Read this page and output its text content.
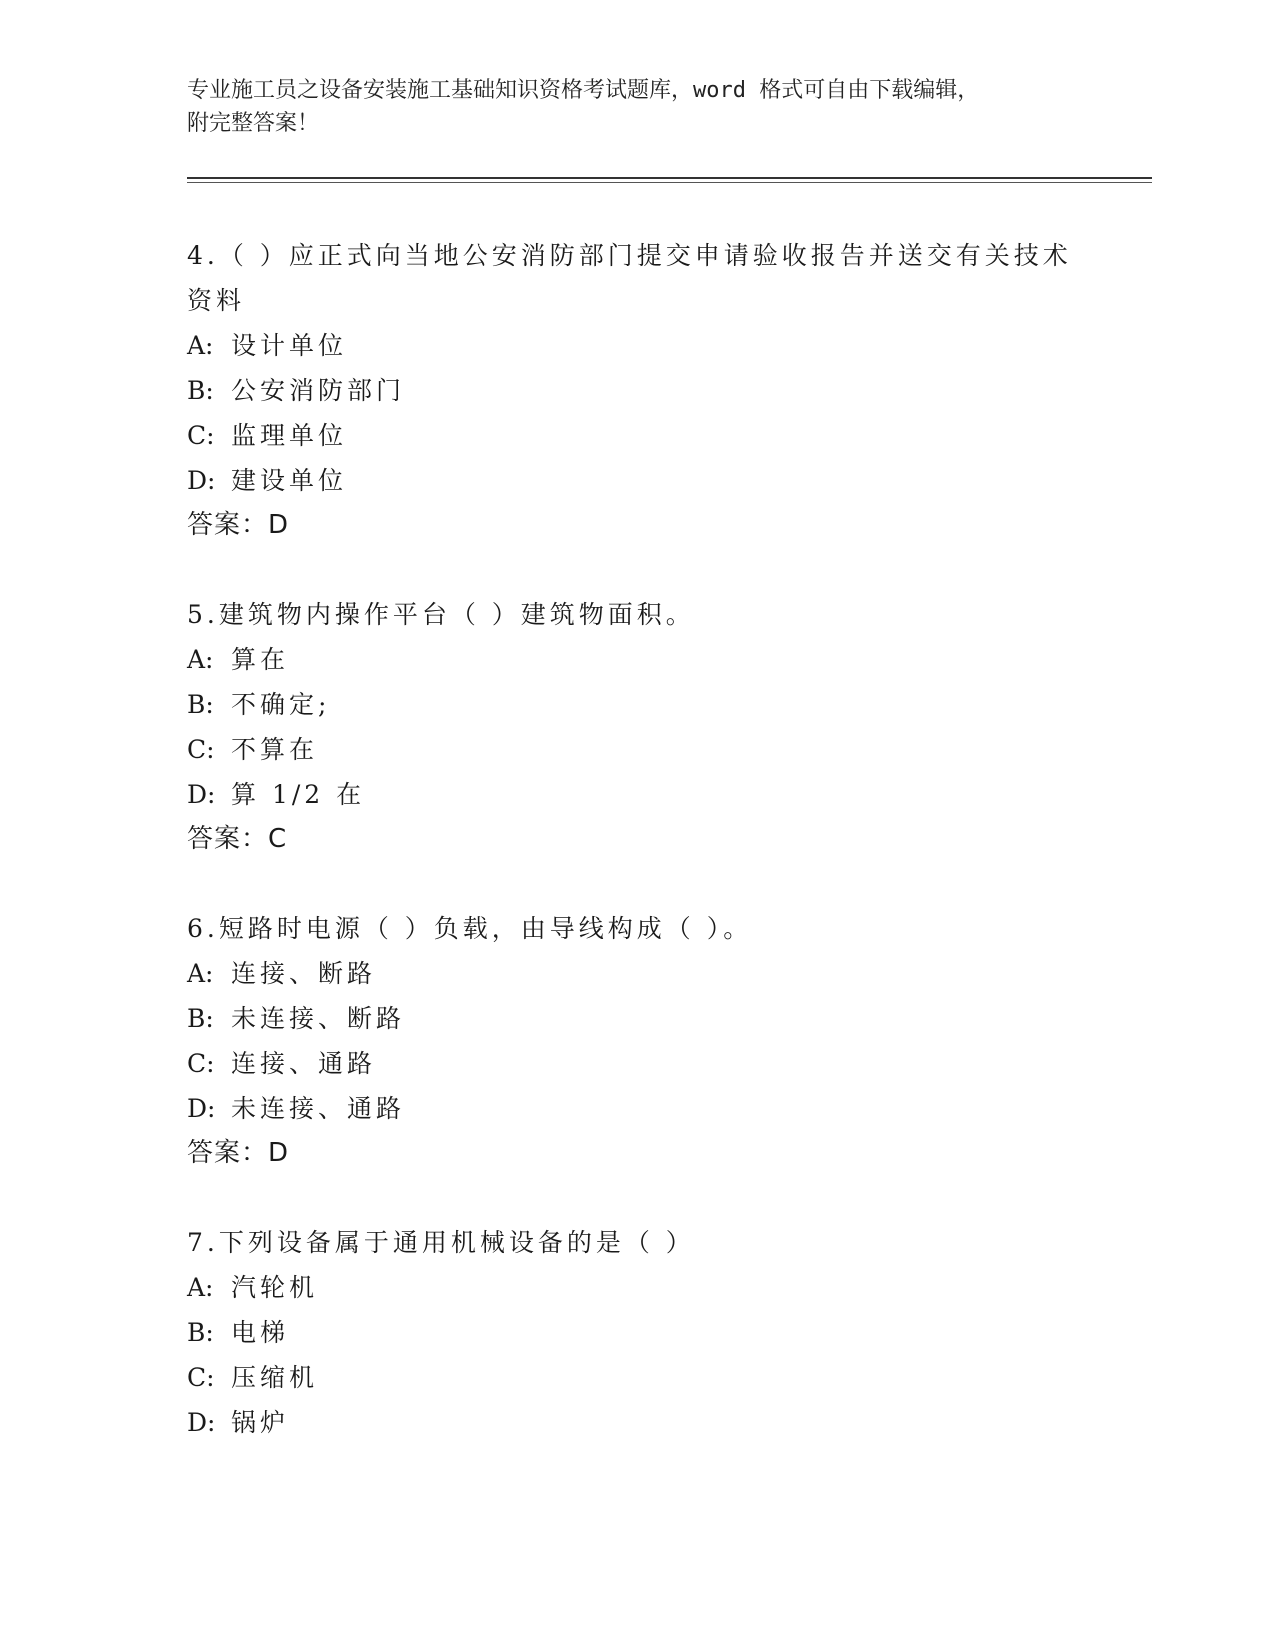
专业施工员之设备安装施工基础知识资格考试题库，word 格式可自由下载编辑，
附完整答案！
4.（ ）应正式向当地公安消防部门提交申请验收报告并送交有关技术资料
A: 设计单位
B: 公安消防部门
C: 监理单位
D: 建设单位
答案：D
5.建筑物内操作平台（ ）建筑物面积。
A: 算在
B: 不确定;
C: 不算在
D: 算 1/2 在
答案：C
6.短路时电源（ ）负载，由导线构成（ ）。
A: 连接、断路
B: 未连接、断路
C: 连接、通路
D: 未连接、通路
答案：D
7.下列设备属于通用机械设备的是（ ）
A: 汽轮机
B: 电梯
C: 压缩机
D: 锅炉
